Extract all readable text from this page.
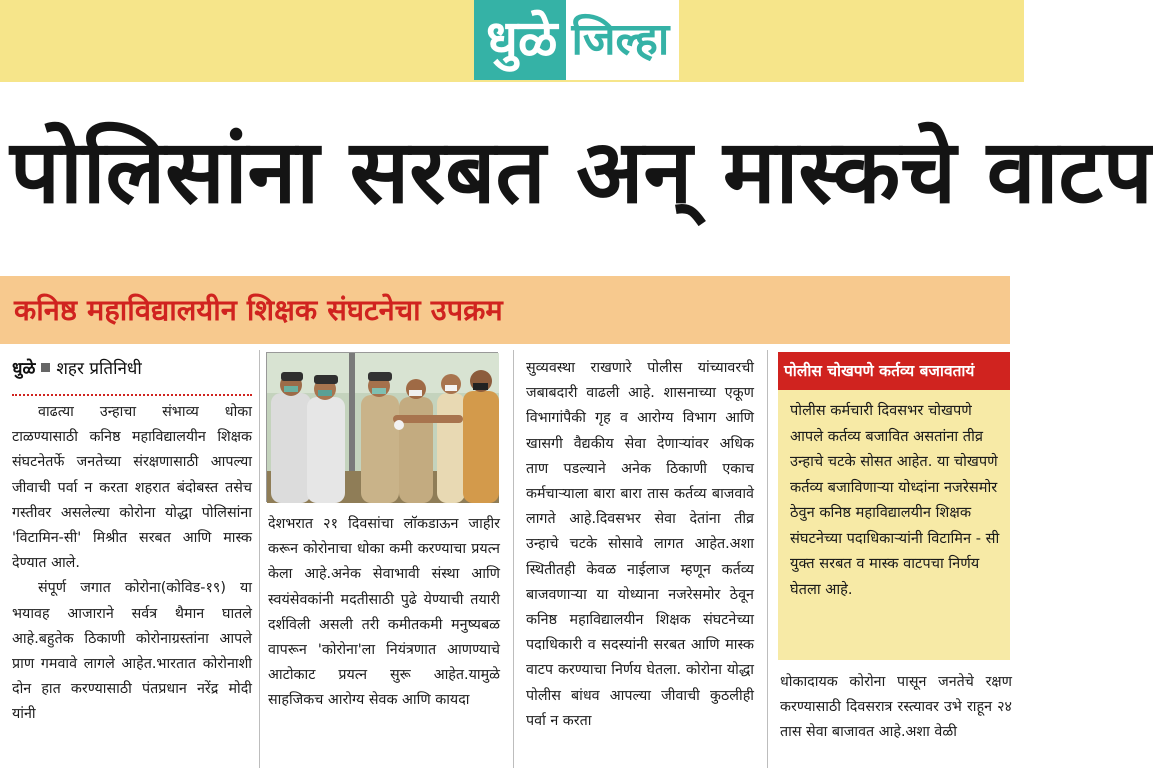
धुळे जिल्हा
पोलिसांना सरबत अन् मास्कचे वाटप
कनिष्ठ महाविद्यालयीन शिक्षक संघटनेचा उपक्रम
धुळे शहर प्रतिनिधी

वाढत्या उन्हाचा संभाव्य धोका टाळण्यासाठी कनिष्ठ महाविद्यालयीन शिक्षक संघटनेतर्फे जनतेच्या संरक्षणासाठी आपल्या जीवाची पर्वा न करता शहरात बंदोबस्त तसेच गस्तीवर असलेल्या कोरोना योद्धा पोलिसांना 'विटामिन-सी' मिश्रीत सरबत आणि मास्क देण्यात आले.

संपूर्ण जगात कोरोना(कोविड-१९) या भयावह आजाराने सर्वत्र थैमान घातले आहे.बहुतेक ठिकाणी कोरोनाग्रस्तांना आपले प्राण गमवावे लागले आहेत.भारतात कोरोनाशी दोन हात करण्यासाठी पंतप्रधान नरेंद्र मोदी यांनी

देशभरात २१ दिवसांचा लॉकडाऊन जाहीर करून कोरोनाचा धोका कमी करण्याचा प्रयत्न केला आहे.अनेक सेवाभावी संस्था आणि स्वयंसेवकांनी मदतीसाठी पुढे येण्याची तयारी दर्शविली असली तरी कमीतकमी मनुष्यबळ वापरून 'कोरोना'ला नियंत्रणात आणण्याचे आटोकाट प्रयत्न सुरू आहेत.यामुळे साहजिकच आरोग्य सेवक आणि कायदा

सुव्यवस्था राखणारे पोलीस यांच्यावरची जबाबदारी वाढली आहे. शासनाच्या एकूण विभागांपैकी गृह व आरोग्य विभाग आणि खासगी वैद्यकीय सेवा देणाऱ्यांवर अधिक ताण पडल्याने अनेक ठिकाणी एकाच कर्मचाऱ्याला बारा बारा तास कर्तव्य बाजवावे लागते आहे.दिवसभर सेवा देतांना तीव्र उन्हाचे चटके सोसावे लागत आहेत.अशा स्थितीतही केवळ नाईलाज म्हणून कर्तव्य बाजवणाऱ्या या योध्याना नजरेसमोर ठेवून कनिष्ठ महाविद्यालयीन शिक्षक संघटनेच्या पदाधिकारी व सदस्यांनी सरबत आणि मास्क वाटप करण्याचा निर्णय घेतला. कोरोना योद्धा पोलीस बांधव आपल्या जीवाची कुठलीही पर्वा न करता

पोलीस चोखपणे कर्तव्य बजावतायं
पोलीस कर्मचारी दिवसभर चोखपणे आपले कर्तव्य बजावित असतांना तीव्र उन्हाचे चटके सोसत आहेत. या चोखपणे कर्तव्य बजाविणाऱ्या योध्दांना नजरेसमोर ठेवुन कनिष्ठ महाविद्यालयीन शिक्षक संघटनेच्या पदाधिकाऱ्यांनी विटामिन - सी युक्त सरबत व मास्क वाटपचा निर्णय घेतला आहे.

धोकादायक कोरोना पासून जनतेचे रक्षण करण्यासाठी दिवसरात्र रस्त्यावर उभे राहून २४ तास सेवा बाजावत आहे.अशा वेळी
